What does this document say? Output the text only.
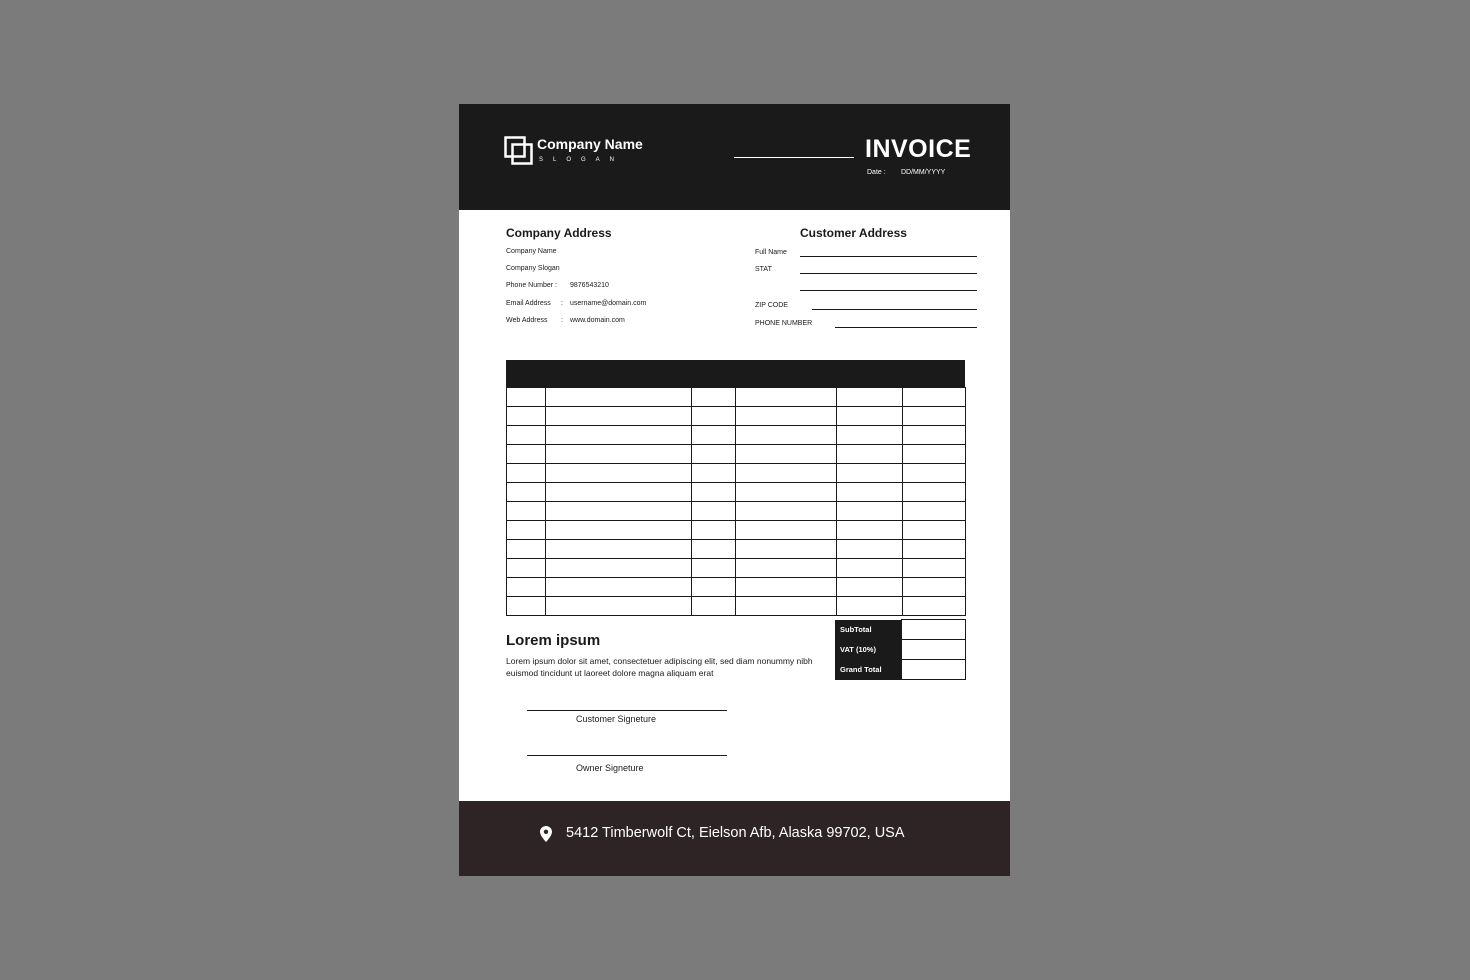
Company Name
SLOGAN	INVOICE
Date : DD/MM/YYYY
Company Address
Company Name
Company Slogan
Phone Number : 9876543210
Email Address : username@domain.com
Web Address : www.domain.com
Customer Address
Full Name
STAT
ZIP CODE
PHONE NUMBER

SubTotal	
VAT (10%)	
Grand Total	
Lorem ipsum
Lorem ipsum dolor sit amet, consectetuer adipiscing elit, sed diam nonummy nibh euismod tincidunt ut laoreet dolore magna aliquam erat
Customer Signeture
Owner Signeture
5412 Timberwolf Ct, Eielson Afb, Alaska 99702, USA
